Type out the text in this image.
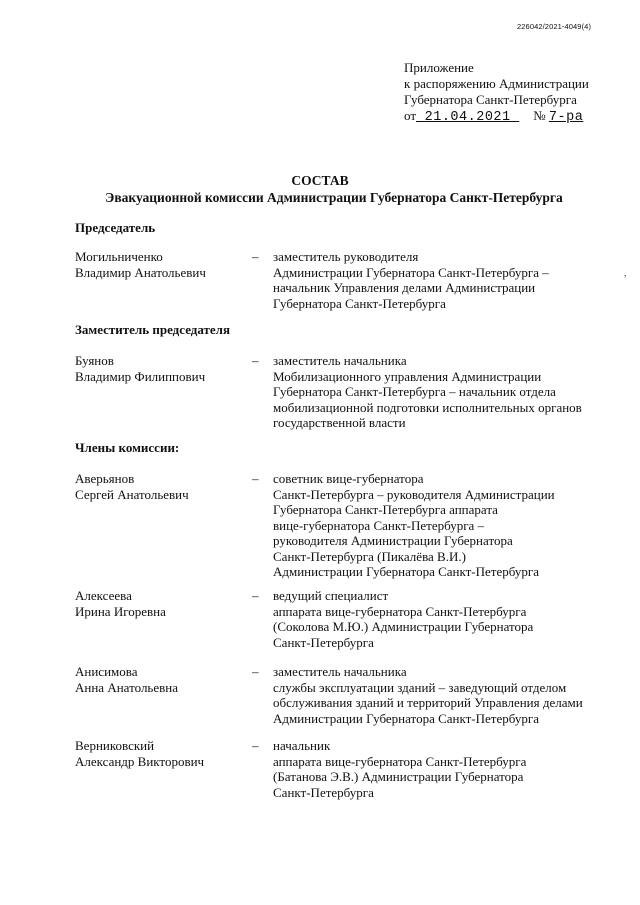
226042/2021-4049(4)
Приложение
к распоряжению Администрации
Губернатора Санкт-Петербурга
от 21.04.2021 № 7-ра
СОСТАВ
Эвакуационной комиссии Администрации Губернатора Санкт-Петербурга
Председатель
Могильниченко
Владимир Анатольевич
– заместитель руководителя
Администрации Губернатора Санкт-Петербурга –
начальник Управления делами Администрации
Губернатора Санкт-Петербурга
,
Заместитель председателя
Буянов
Владимир Филиппович
– заместитель начальника
Мобилизационного управления Администрации
Губернатора Санкт-Петербурга – начальник отдела
мобилизационной подготовки исполнительных органов
государственной власти
Члены комиссии:
Аверьянов
Сергей Анатольевич
– советник вице-губернатора
Санкт-Петербурга – руководителя Администрации
Губернатора Санкт-Петербурга аппарата
вице-губернатора Санкт-Петербурга –
руководителя Администрации Губернатора
Санкт-Петербурга (Пикалёва В.И.)
Администрации Губернатора Санкт-Петербурга
Алексеева
Ирина Игоревна
– ведущий специалист
аппарата вице-губернатора Санкт-Петербурга
(Соколова М.Ю.) Администрации Губернатора
Санкт-Петербурга
Анисимова
Анна Анатольевна
– заместитель начальника
службы эксплуатации зданий – заведующий отделом
обслуживания зданий и территорий Управления делами
Администрации Губернатора Санкт-Петербурга
Верниковский
Александр Викторович
– начальник
аппарата вице-губернатора Санкт-Петербурга
(Батанова Э.В.) Администрации Губернатора
Санкт-Петербурга
